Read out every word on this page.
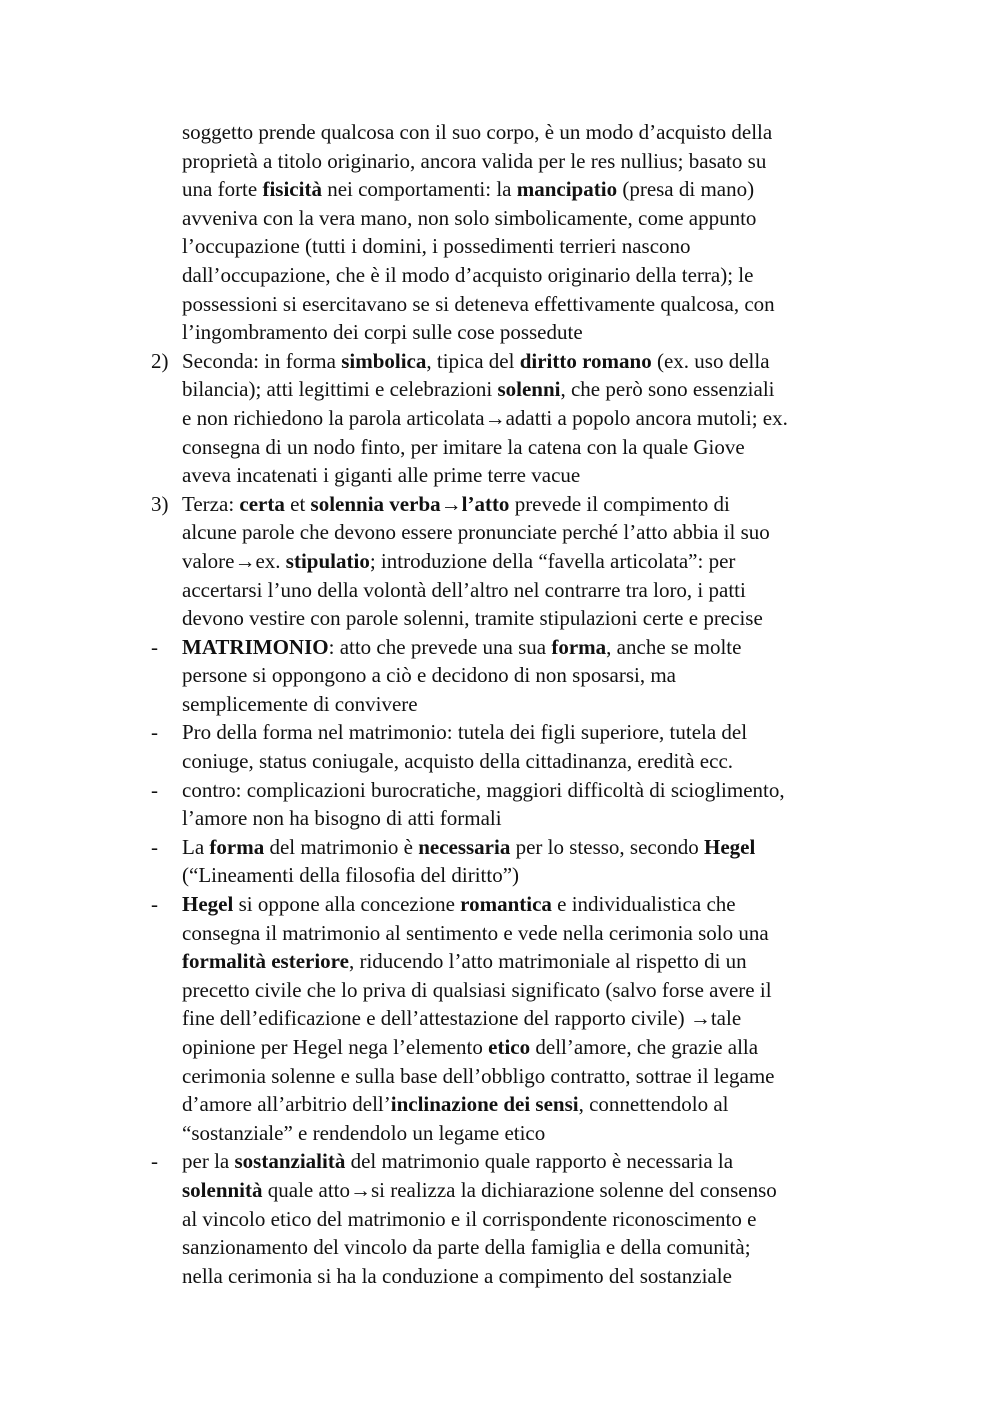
soggetto prende qualcosa con il suo corpo, è un modo d’acquisto della
proprietà a titolo originario, ancora valida per le res nullius; basato su
una forte fisicità nei comportamenti: la mancipatio (presa di mano)
avveniva con la vera mano, non solo simbolicamente, come appunto
l’occupazione (tutti i domini, i possedimenti terrieri nascono
dall’occupazione, che è il modo d’acquisto originario della terra); le
possessioni si esercitavano se si deteneva effettivamente qualcosa, con
l’ingombramento dei corpi sulle cose possedute
2) Seconda: in forma simbolica, tipica del diritto romano (ex. uso della
bilancia); atti legittimi e celebrazioni solenni, che però sono essenziali
e non richiedono la parola articolata→adatti a popolo ancora mutoli; ex.
consegna di un nodo finto, per imitare la catena con la quale Giove
aveva incatenati i giganti alle prime terre vacue
3) Terza: certa et solennia verba→l’atto prevede il compimento di
alcune parole che devono essere pronunciate perché l’atto abbia il suo
valore→ex. stipulatio; introduzione della “favella articolata”: per
accertarsi l’uno della volontà dell’altro nel contrarre tra loro, i patti
devono vestire con parole solenni, tramite stipulazioni certe e precise
- MATRIMONIO: atto che prevede una sua forma, anche se molte
persone si oppongono a ciò e decidono di non sposarsi, ma
semplicemente di convivere
- Pro della forma nel matrimonio: tutela dei figli superiore, tutela del
coniuge, status coniugale, acquisto della cittadinanza, eredità ecc.
- contro: complicazioni burocratiche, maggiori difficoltà di scioglimento,
l’amore non ha bisogno di atti formali
- La forma del matrimonio è necessaria per lo stesso, secondo Hegel
(“Lineamenti della filosofia del diritto”)
- Hegel si oppone alla concezione romantica e individualistica che
consegna il matrimonio al sentimento e vede nella cerimonia solo una
formalità esteriore, riducendo l’atto matrimoniale al rispetto di un
precetto civile che lo priva di qualsiasi significato (salvo forse avere il
fine dell’edificazione e dell’attestazione del rapporto civile) →tale
opinione per Hegel nega l’elemento etico dell’amore, che grazie alla
cerimonia solenne e sulla base dell’obbligo contratto, sottrae il legame
d’amore all’arbitrio dell’inclinazione dei sensi, connettendolo al
“sostanziale” e rendendolo un legame etico
- per la sostanzialità del matrimonio quale rapporto è necessaria la
solennità quale atto→si realizza la dichiarazione solenne del consenso
al vincolo etico del matrimonio e il corrispondente riconoscimento e
sanzionamento del vincolo da parte della famiglia e della comunità;
nella cerimonia si ha la conduzione a compimento del sostanziale
